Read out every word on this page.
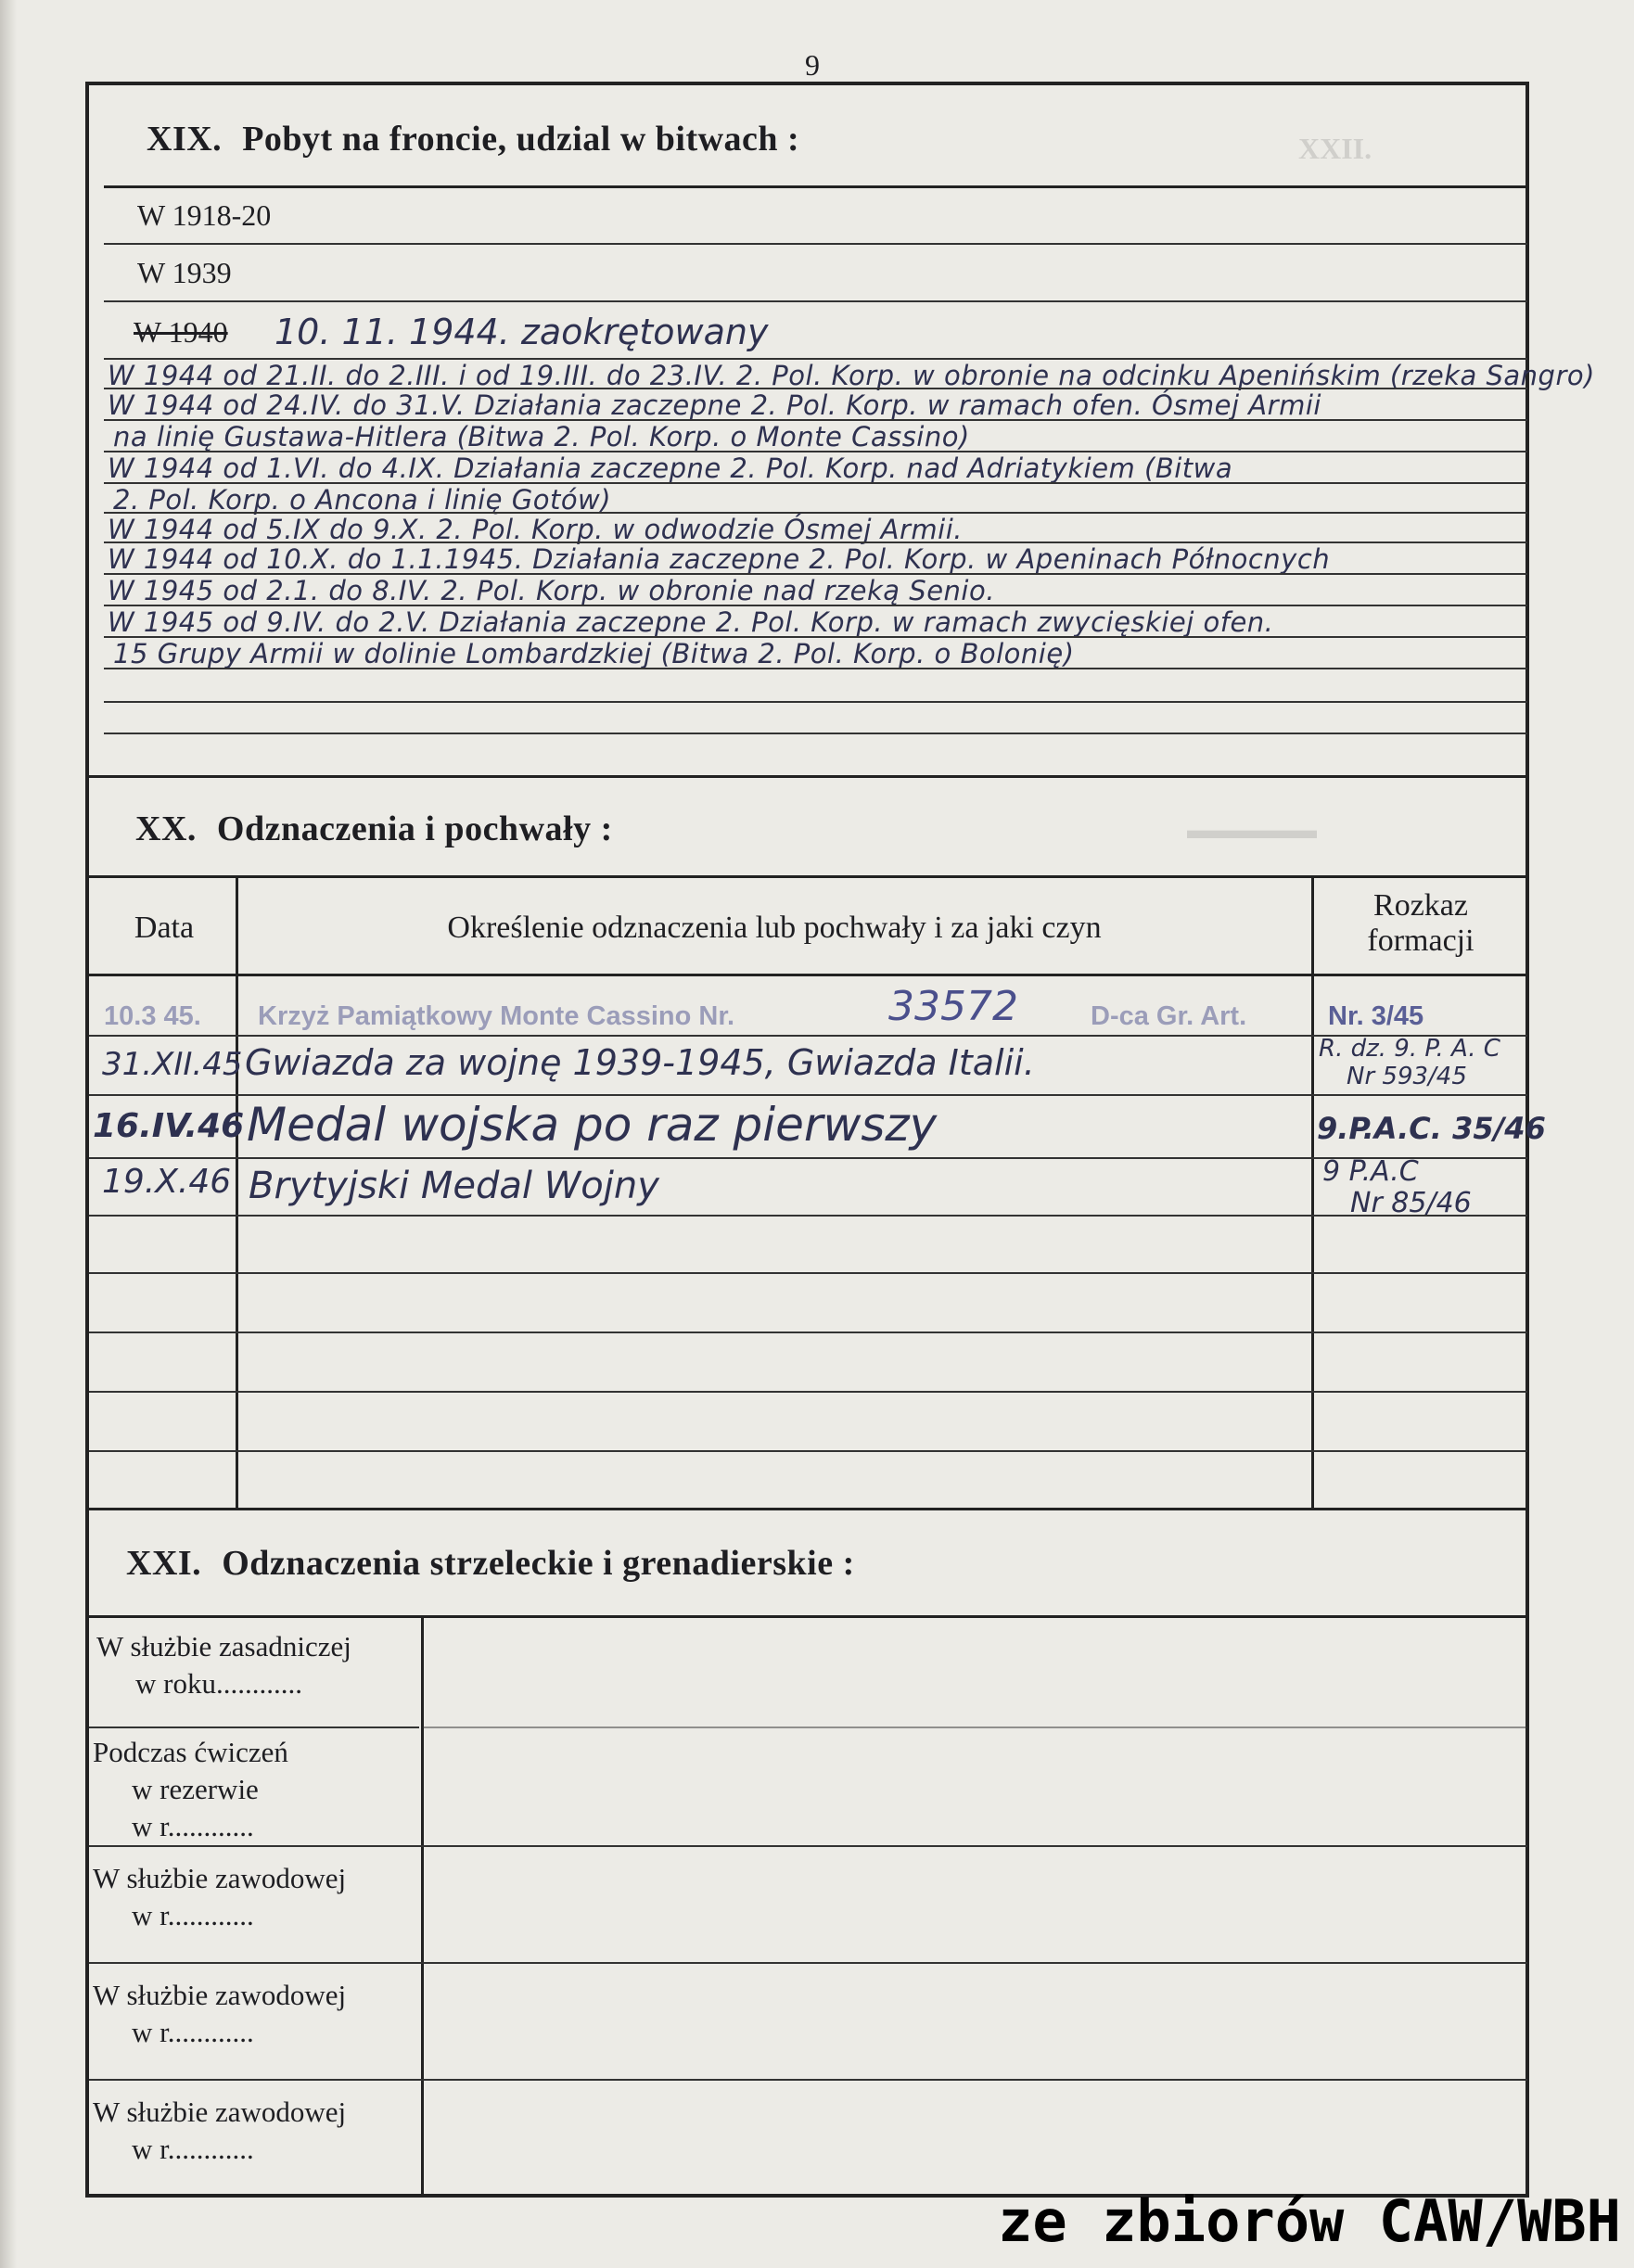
9
XXII.
▬▬▬▬▬
XIX. Pobyt na froncie, udzial w bitwach :
W 1918-20
W 1939
W 1940 10. 11. 1944. zaokrętowany
W 1944 od 21.II. do 2.III. i od 19.III. do 23.IV. 2. Pol. Korp. w obronie na odcinku Apenińskim (rzeka Sangro)
W 1944 od 24.IV. do 31.V. Działania zaczepne 2. Pol. Korp. w ramach ofen. Ósmej Armii
na linię Gustawa-Hitlera (Bitwa 2. Pol. Korp. o Monte Cassino)
W 1944 od 1.VI. do 4.IX. Działania zaczepne 2. Pol. Korp. nad Adriatykiem (Bitwa
2. Pol. Korp. o Ancona i linię Gotów)
W 1944 od 5.IX do 9.X. 2. Pol. Korp. w odwodzie Ósmej Armii.
W 1944 od 10.X. do 1.1.1945. Działania zaczepne 2. Pol. Korp. w Apeninach Północnych
W 1945 od 2.1. do 8.IV. 2. Pol. Korp. w obronie nad rzeką Senio.
W 1945 od 9.IV. do 2.V. Działania zaczepne 2. Pol. Korp. w ramach zwycięskiej ofen.
15 Grupy Armii w dolinie Lombardzkiej (Bitwa 2. Pol. Korp. o Bolonię)
XX. Odznaczenia i pochwały :
Data	Określenie odznaczenia lub pochwały i za jaki czyn
Rozkaz
formacji
10.3 45. Krzyż Pamiątkowy Monte Cassino Nr.	33572	D-ca Gr. Art.	Nr. 3/45
31.XII.45 Gwiazda za wojnę 1939-1945, Gwiazda Italii.	R. dz. 9. P. A. C
Nr 593/45
16.IV.46 Medal wojska po raz pierwszy	9.P.A.C. 35/46
19.X.46 Brytyjski Medal Wojny	9 P.A.C
Nr 85/46
XXI. Odznaczenia strzeleckie i grenadierskie :
W służbie zasadniczej
w roku............
Podczas ćwiczeń
w rezerwie
w r............
W służbie zawodowej
w r............
W służbie zawodowej
w r............
W służbie zawodowej
w r............
ze zbiorów CAW/WBH
